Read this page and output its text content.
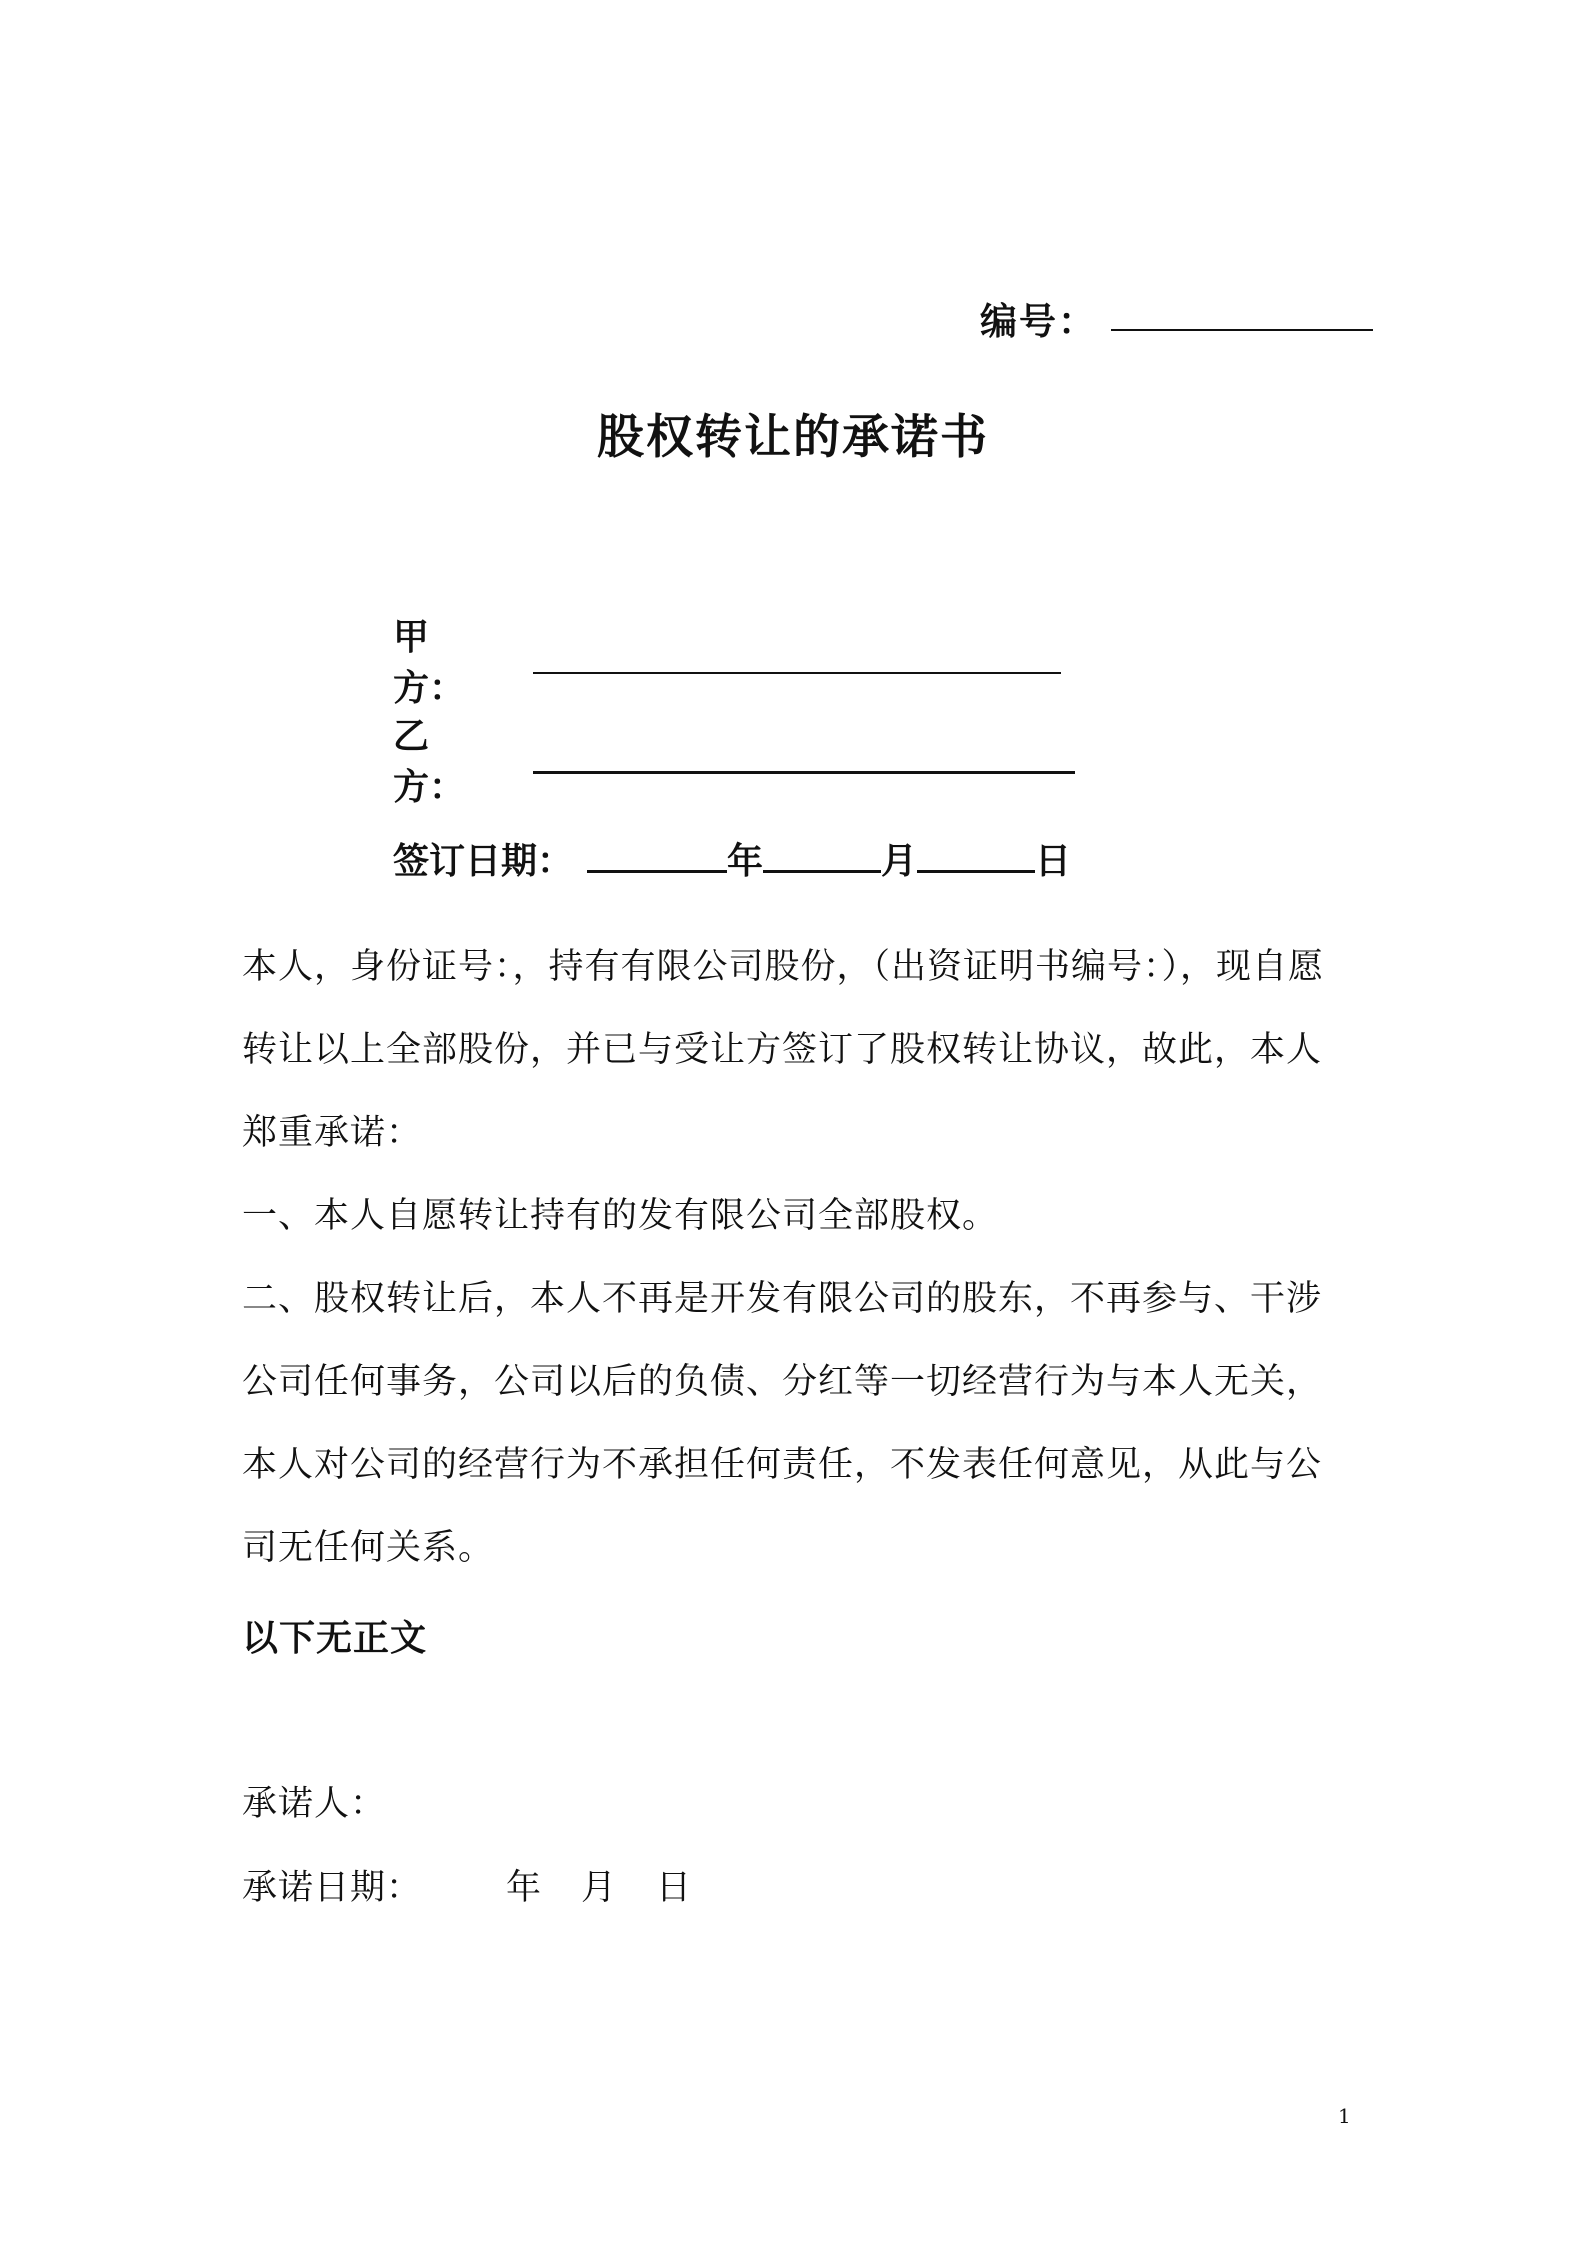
编号：
股权转让的承诺书
甲方：
乙方：
签订日期：	年	月	日
本人，身份证号：，持有有限公司股份，（出资证明书编号：），现自愿转让以上全部股份，并已与受让方签订了股权转让协议，故此，本人郑重承诺：
一、本人自愿转让持有的发有限公司全部股权。
二、股权转让后，本人不再是开发有限公司的股东，不再参与、干涉公司任何事务，公司以后的负债、分红等一切经营行为与本人无关，本人对公司的经营行为不承担任何责任，不发表任何意见，从此与公司无任何关系。
以下无正文
承诺人：
承诺日期：	年	月	日
1
